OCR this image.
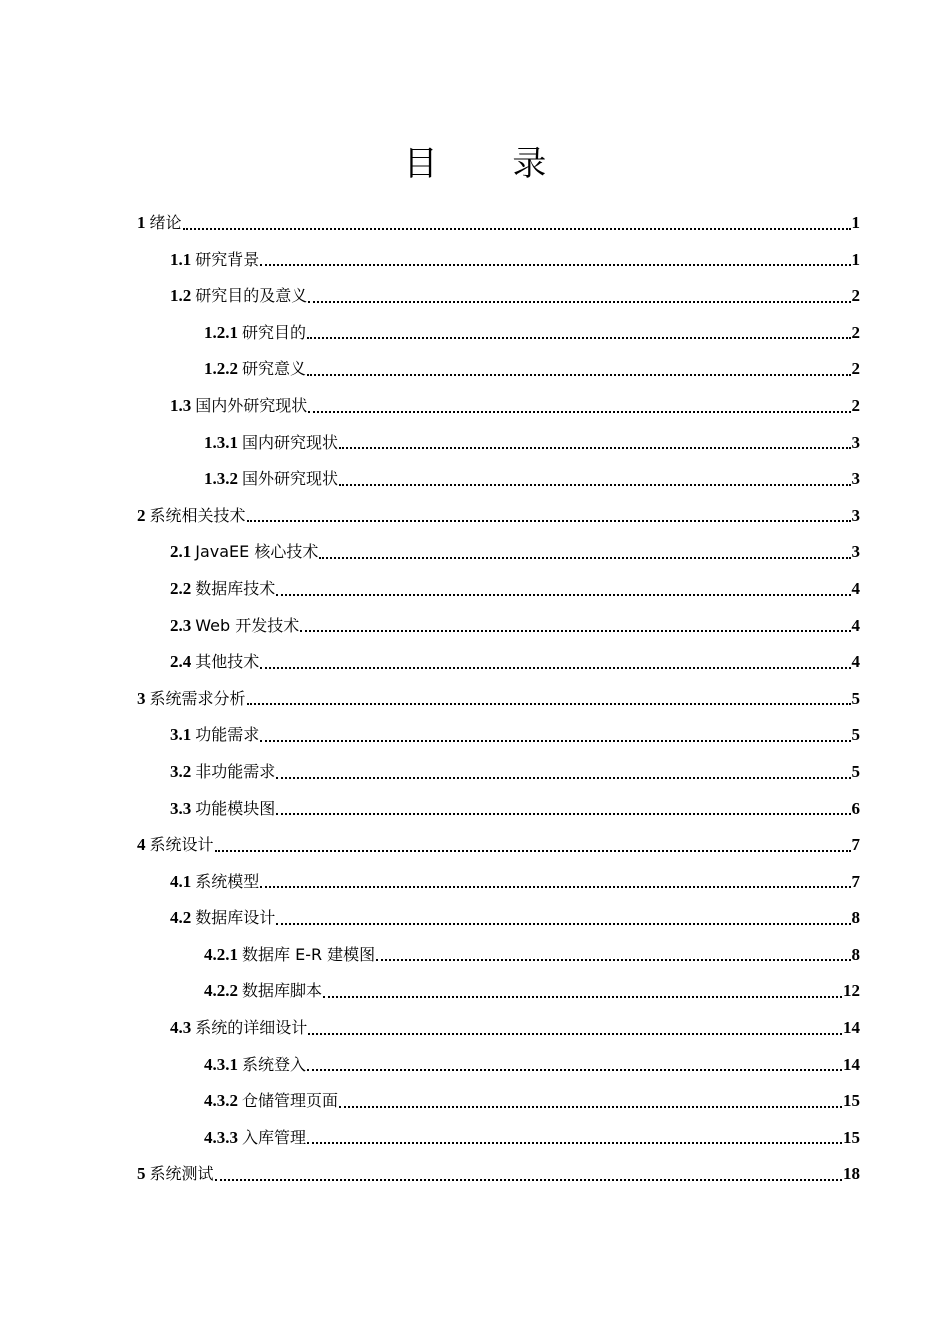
目 录
1 绪论	1
1.1 研究背景	1
1.2 研究目的及意义	2
1.2.1 研究目的	2
1.2.2 研究意义	2
1.3 国内外研究现状	2
1.3.1 国内研究现状	3
1.3.2 国外研究现状	3
2 系统相关技术	3
2.1 JavaEE 核心技术	3
2.2 数据库技术	4
2.3 Web 开发技术	4
2.4 其他技术	4
3 系统需求分析	5
3.1 功能需求	5
3.2 非功能需求	5
3.3 功能模块图	6
4 系统设计	7
4.1 系统模型	7
4.2 数据库设计	8
4.2.1 数据库 E-R 建模图	8
4.2.2 数据库脚本	12
4.3 系统的详细设计	14
4.3.1 系统登入	14
4.3.2 仓储管理页面	15
4.3.3 入库管理	15
5 系统测试	18
